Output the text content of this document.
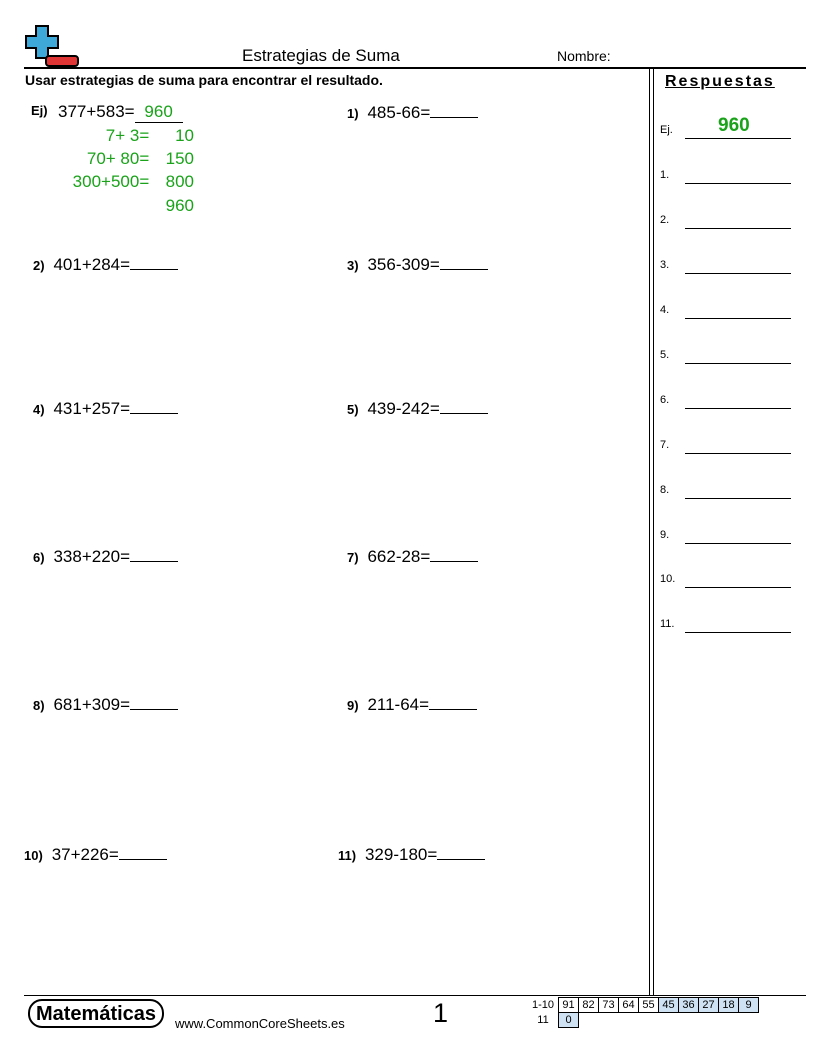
Estrategias de Suma	Nombre:
Usar estrategias de suma para encontrar el resultado.
Ej) 377+583= 960
7+ 3= 10
70+ 80= 150
300+500= 800
960
1) 485-66=
2) 401+284=	3) 356-309=
4) 431+257=	5) 439-242=
6) 338+220=	7) 662-28=
8) 681+309=	9) 211-64=
10) 37+226=	11) 329-180=
Respuestas
Ej. 960
1.
2.
3.
4.
5.
6.
7.
8.
9.
10.
11.
Matemáticas	www.CommonCoreSheets.es	1	1-10	91	82	73	64	55	45	36	27	18	9
11	0									
